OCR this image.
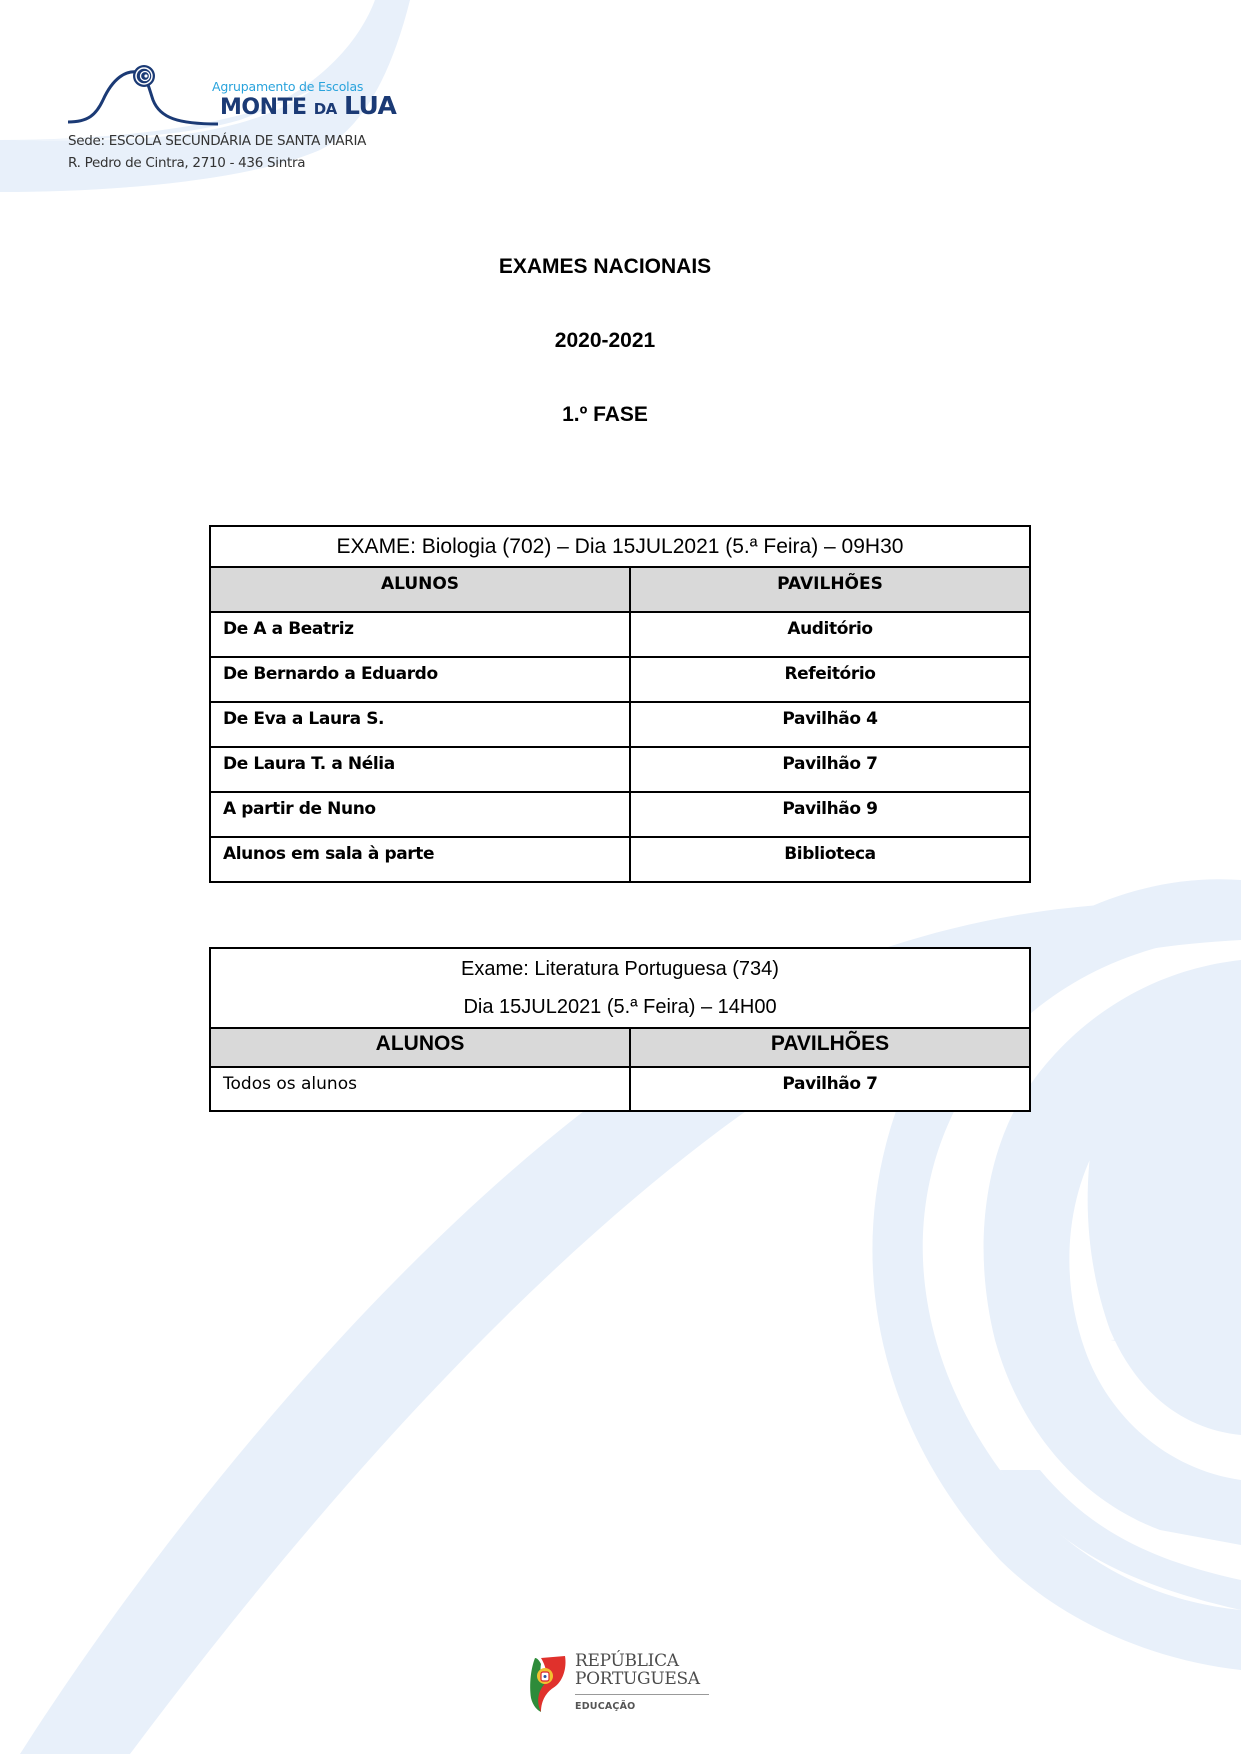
Agrupamento de Escolas
MONTE DA LUA
Sede: ESCOLA SECUNDÁRIA DE SANTA MARIA
R. Pedro de Cintra, 2710 - 436 Sintra
EXAMES NACIONAIS
2020-2021
1.º FASE
EXAME: Biologia (702) – Dia 15JUL2021 (5.ª Feira) – 09H30	
ALUNOS	PAVILHÕES
De A a Beatriz	Auditório
De Bernardo a Eduardo	Refeitório
De Eva a Laura S.	Pavilhão 4
De Laura T. a Nélia	Pavilhão 7
A partir de Nuno	Pavilhão 9
Alunos em sala à parte	Biblioteca
Exame: Literatura Portuguesa (734)
Dia 15JUL2021 (5.ª Feira) – 14H00	

ALUNOS	PAVILHÕES
Todos os alunos	Pavilhão 7
REPÚBLICA
PORTUGUESA
EDUCAÇÃO
